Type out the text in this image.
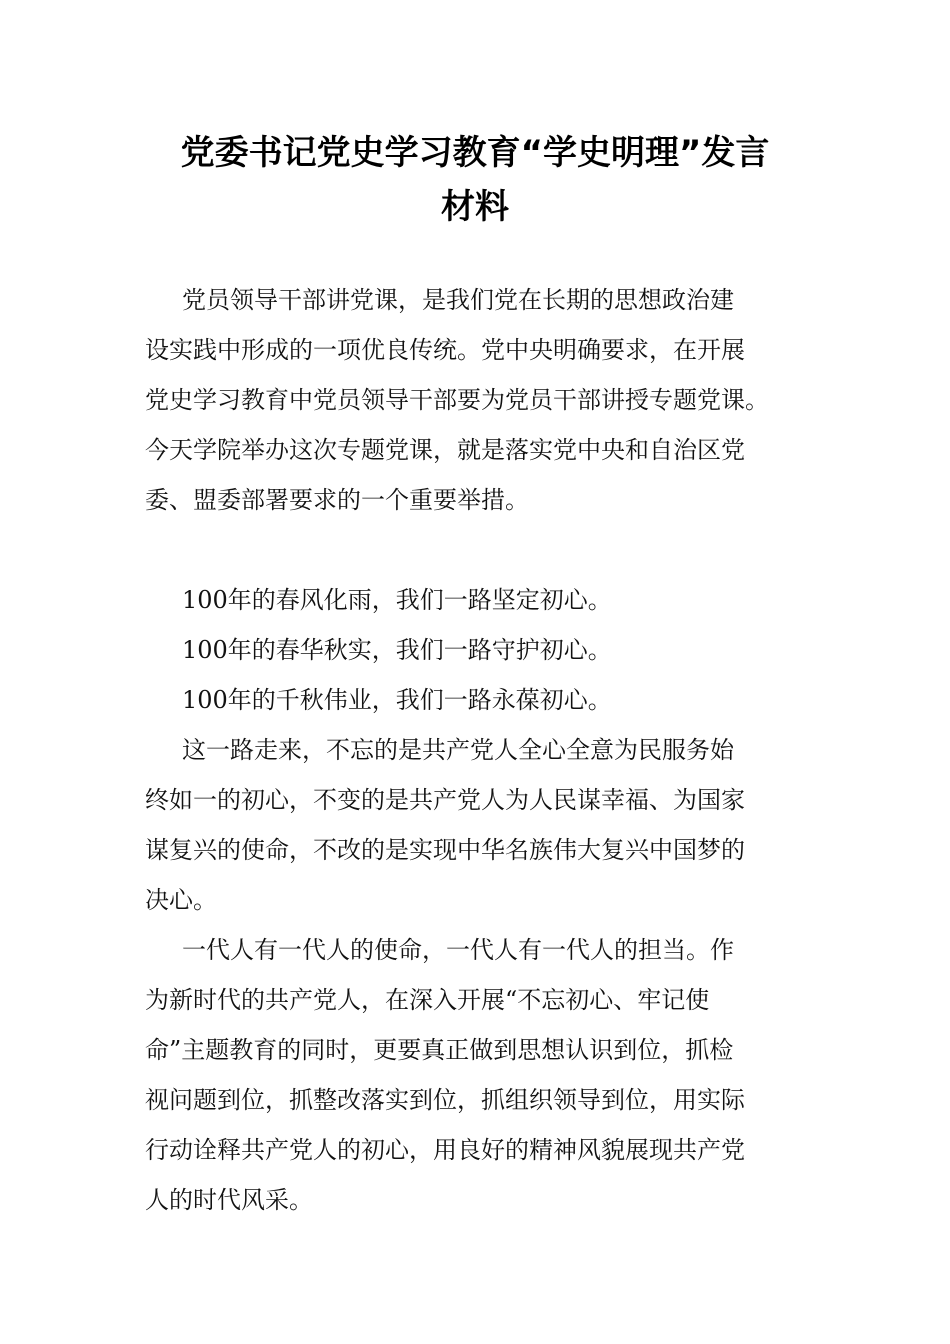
党委书记党史学习教育“学史明理”发言
材料
党员领导干部讲党课，是我们党在长期的思想政治建
设实践中形成的一项优良传统。党中央明确要求，在开展
党史学习教育中党员领导干部要为党员干部讲授专题党课。
今天学院举办这次专题党课，就是落实党中央和自治区党
委、盟委部署要求的一个重要举措。
100年的春风化雨，我们一路坚定初心。
100年的春华秋实，我们一路守护初心。
100年的千秋伟业，我们一路永葆初心。
这一路走来，不忘的是共产党人全心全意为民服务始
终如一的初心，不变的是共产党人为人民谋幸福、为国家
谋复兴的使命，不改的是实现中华名族伟大复兴中国梦的
决心。
一代人有一代人的使命，一代人有一代人的担当。作
为新时代的共产党人，在深入开展“不忘初心、牢记使
命”主题教育的同时，更要真正做到思想认识到位，抓检
视问题到位，抓整改落实到位，抓组织领导到位，用实际
行动诠释共产党人的初心，用良好的精神风貌展现共产党
人的时代风采。
